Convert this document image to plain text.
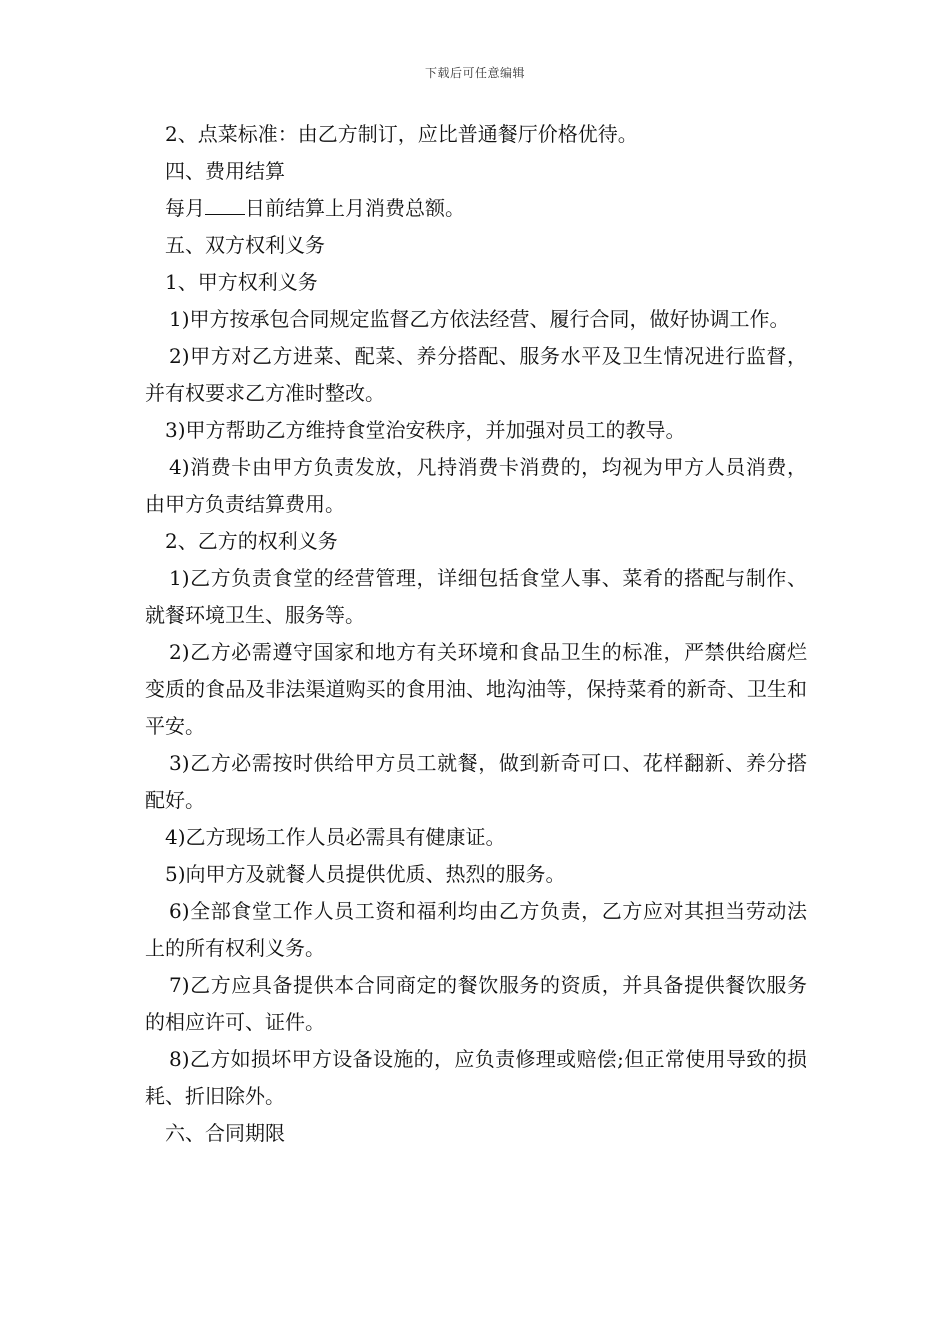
下载后可任意编辑

2、点菜标准：由乙方制订，应比普通餐厅价格优待。

四、费用结算

每月 日前结算上月消费总额。

五、双方权利义务

1、甲方权利义务

1)甲方按承包合同规定监督乙方依法经营、履行合同，做好协调工作。

2)甲方对乙方进菜、配菜、养分搭配、服务水平及卫生情况进行监督，并有权要求乙方准时整改。

3)甲方帮助乙方维持食堂治安秩序，并加强对员工的教导。

4)消费卡由甲方负责发放，凡持消费卡消费的，均视为甲方人员消费，由甲方负责结算费用。

2、乙方的权利义务

1)乙方负责食堂的经营管理，详细包括食堂人事、菜肴的搭配与制作、就餐环境卫生、服务等。

2)乙方必需遵守国家和地方有关环境和食品卫生的标准，严禁供给腐烂变质的食品及非法渠道购买的食用油、地沟油等，保持菜肴的新奇、卫生和平安。

3)乙方必需按时供给甲方员工就餐，做到新奇可口、花样翻新、养分搭配好。

4)乙方现场工作人员必需具有健康证。

5)向甲方及就餐人员提供优质、热烈的服务。

6)全部食堂工作人员工资和福利均由乙方负责，乙方应对其担当劳动法上的所有权利义务。

7)乙方应具备提供本合同商定的餐饮服务的资质，并具备提供餐饮服务的相应许可、证件。

8)乙方如损坏甲方设备设施的，应负责修理或赔偿;但正常使用导致的损耗、折旧除外。

六、合同期限
